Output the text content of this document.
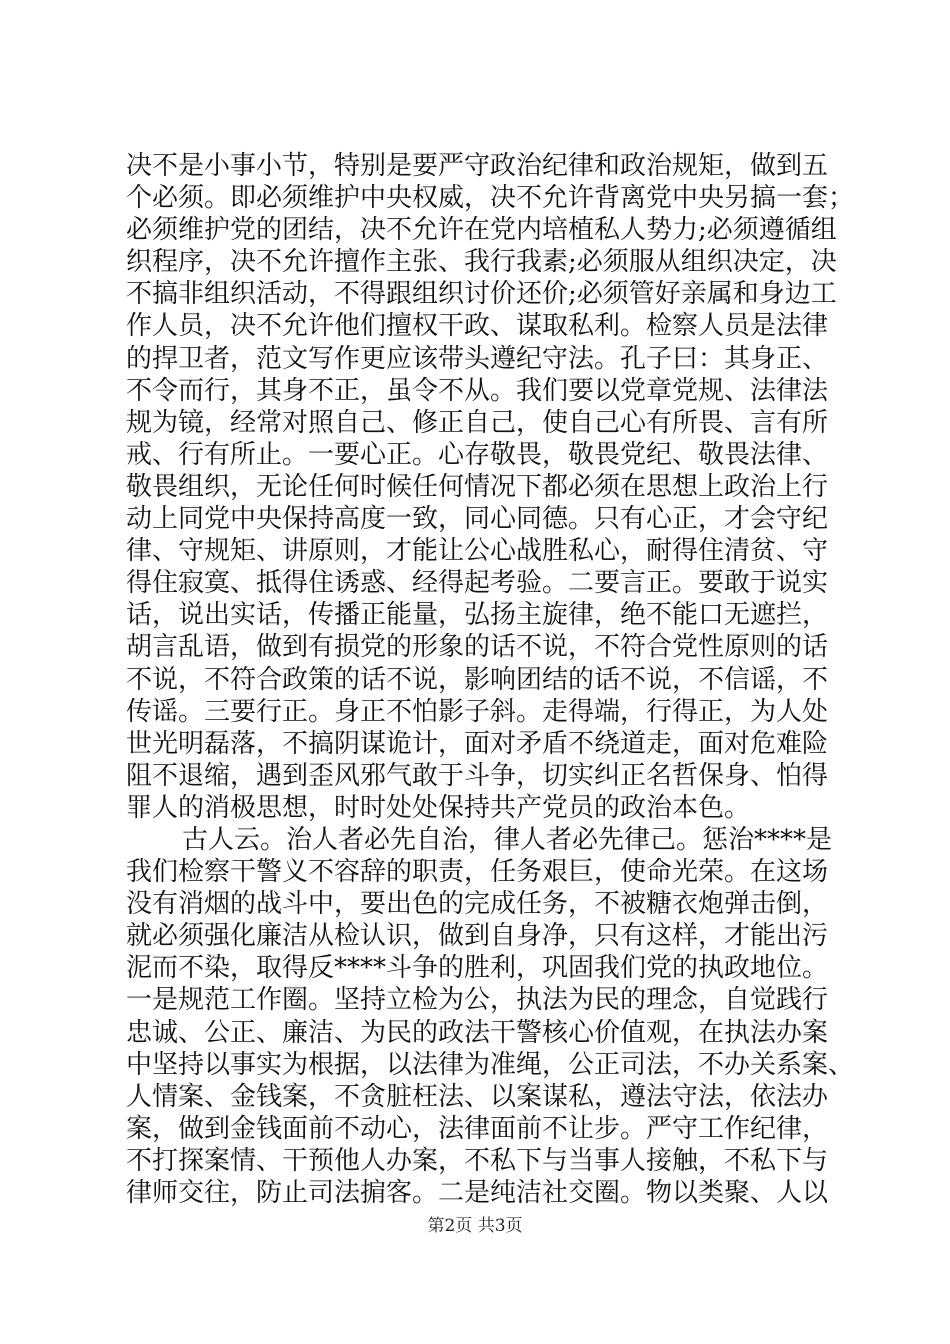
决不是小事小节，特别是要严守政治纪律和政治规矩，做到五
个必须。即必须维护中央权威，决不允许背离党中央另搞一套；
必须维护党的团结，决不允许在党内培植私人势力;必须遵循组
织程序，决不允许擅作主张、我行我素;必须服从组织决定，决
不搞非组织活动，不得跟组织讨价还价;必须管好亲属和身边工
作人员，决不允许他们擅权干政、谋取私利。检察人员是法律
的捍卫者，范文写作更应该带头遵纪守法。孔子曰：其身正、
不令而行，其身不正，虽令不从。我们要以党章党规、法律法
规为镜，经常对照自己、修正自己，使自己心有所畏、言有所
戒、行有所止。一要心正。心存敬畏，敬畏党纪、敬畏法律、
敬畏组织，无论任何时候任何情况下都必须在思想上政治上行
动上同党中央保持高度一致，同心同德。只有心正，才会守纪
律、守规矩、讲原则，才能让公心战胜私心，耐得住清贫、守
得住寂寞、抵得住诱惑、经得起考验。二要言正。要敢于说实
话，说出实话，传播正能量，弘扬主旋律，绝不能口无遮拦，
胡言乱语，做到有损党的形象的话不说，不符合党性原则的话
不说，不符合政策的话不说，影响团结的话不说，不信谣，不
传谣。三要行正。身正不怕影子斜。走得端，行得正，为人处
世光明磊落，不搞阴谋诡计，面对矛盾不绕道走，面对危难险
阻不退缩，遇到歪风邪气敢于斗争，切实纠正名哲保身、怕得
罪人的消极思想，时时处处保持共产党员的政治本色。
古人云。治人者必先自治，律人者必先律己。惩治****是
我们检察干警义不容辞的职责，任务艰巨，使命光荣。在这场
没有消烟的战斗中，要出色的完成任务，不被糖衣炮弹击倒，
就必须强化廉洁从检认识，做到自身净，只有这样，才能出污
泥而不染，取得反****斗争的胜利，巩固我们党的执政地位。
一是规范工作圈。坚持立检为公，执法为民的理念，自觉践行
忠诚、公正、廉洁、为民的政法干警核心价值观，在执法办案
中坚持以事实为根据，以法律为准绳，公正司法，不办关系案、
人情案、金钱案，不贪脏枉法、以案谋私，遵法守法，依法办
案，做到金钱面前不动心，法律面前不让步。严守工作纪律，
不打探案情、干预他人办案，不私下与当事人接触，不私下与
律师交往，防止司法掮客。二是纯洁社交圈。物以类聚、人以
第2页 共3页
